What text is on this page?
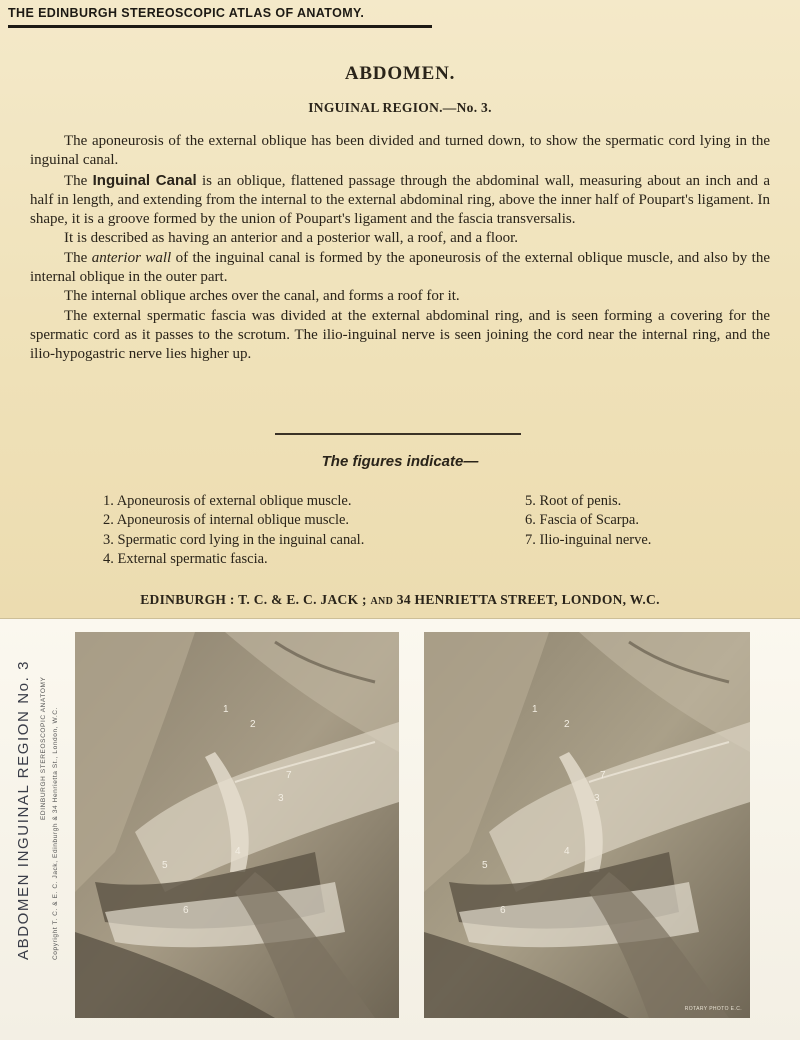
THE EDINBURGH STEREOSCOPIC ATLAS OF ANATOMY.
ABDOMEN.
INGUINAL REGION.—No. 3.

The aponeurosis of the external oblique has been divided and turned down, to show the spermatic cord lying in the inguinal canal.

The Inguinal Canal is an oblique, flattened passage through the abdominal wall, measuring about an inch and a half in length, and extending from the internal to the external abdominal ring, above the inner half of Poupart's ligament. In shape, it is a groove formed by the union of Poupart's ligament and the fascia transversalis.

It is described as having an anterior and a posterior wall, a roof, and a floor.

The anterior wall of the inguinal canal is formed by the aponeurosis of the external oblique muscle, and also by the internal oblique in the outer part.

The internal oblique arches over the canal, and forms a roof for it.

The external spermatic fascia was divided at the external abdominal ring, and is seen forming a covering for the spermatic cord as it passes to the scrotum. The ilio-inguinal nerve is seen joining the cord near the internal ring, and the ilio-hypogastric nerve lies higher up.

The figures indicate—
1. Aponeurosis of external oblique muscle.
2. Aponeurosis of internal oblique muscle.
3. Spermatic cord lying in the inguinal canal.
4. External spermatic fascia.
5. Root of penis.
6. Fascia of Scarpa.
7. Ilio-inguinal nerve.
EDINBURGH : T. C. & E. C. JACK ; AND 34 HENRIETTA STREET, LONDON, W.C.
ABDOMEN INGUINAL REGION No. 3 EDINBURGH STEREOSCOPIC ANATOMY Copyright T. C. & E. C. Jack, Edinburgh & 34 Henrietta St., London, W.C.	1
2
7
3
4
5
6
1
2
7
3
4
5
6
ROTARY PHOTO E.C.
